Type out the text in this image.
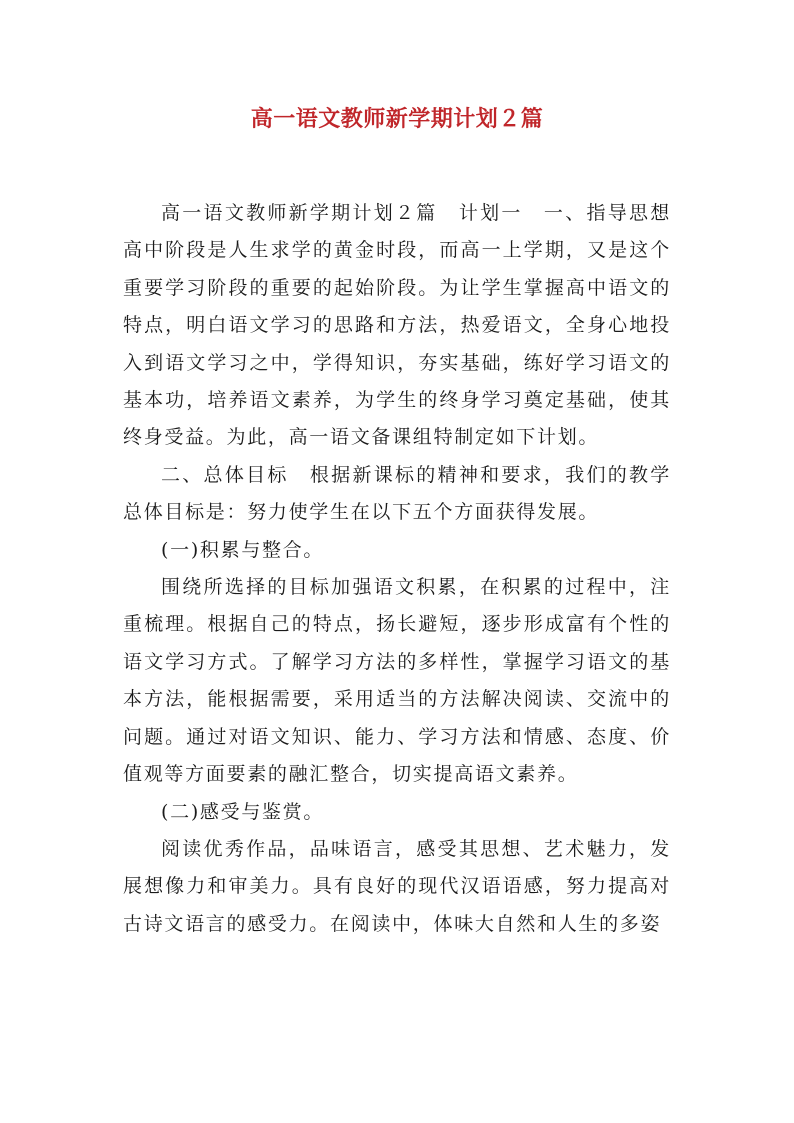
高一语文教师新学期计划２篇

高一语文教师新学期计划２篇　计划一　一、指导思想 高中阶段是人生求学的黄金时段，而高一上学期，又是这个重要学习阶段的重要的起始阶段。为让学生掌握高中语文的特点，明白语文学习的思路和方法，热爱语文，全身心地投入到语文学习之中，学得知识，夯实基础，练好学习语文的基本功，培养语文素养，为学生的终身学习奠定基础，使其终身受益。为此，高一语文备课组特制定如下计划。

二、总体目标　根据新课标的精神和要求，我们的教学总体目标是：努力使学生在以下五个方面获得发展。

(一)积累与整合。

围绕所选择的目标加强语文积累，在积累的过程中，注重梳理。根据自己的特点，扬长避短，逐步形成富有个性的语文学习方式。了解学习方法的多样性，掌握学习语文的基本方法，能根据需要，采用适当的方法解决阅读、交流中的问题。通过对语文知识、能力、学习方法和情感、态度、价值观等方面要素的融汇整合，切实提高语文素养。

(二)感受与鉴赏。

阅读优秀作品，品味语言，感受其思想、艺术魅力，发展想像力和审美力。具有良好的现代汉语语感，努力提高对古诗文语言的感受力。在阅读中，体味大自然和人生的多姿
